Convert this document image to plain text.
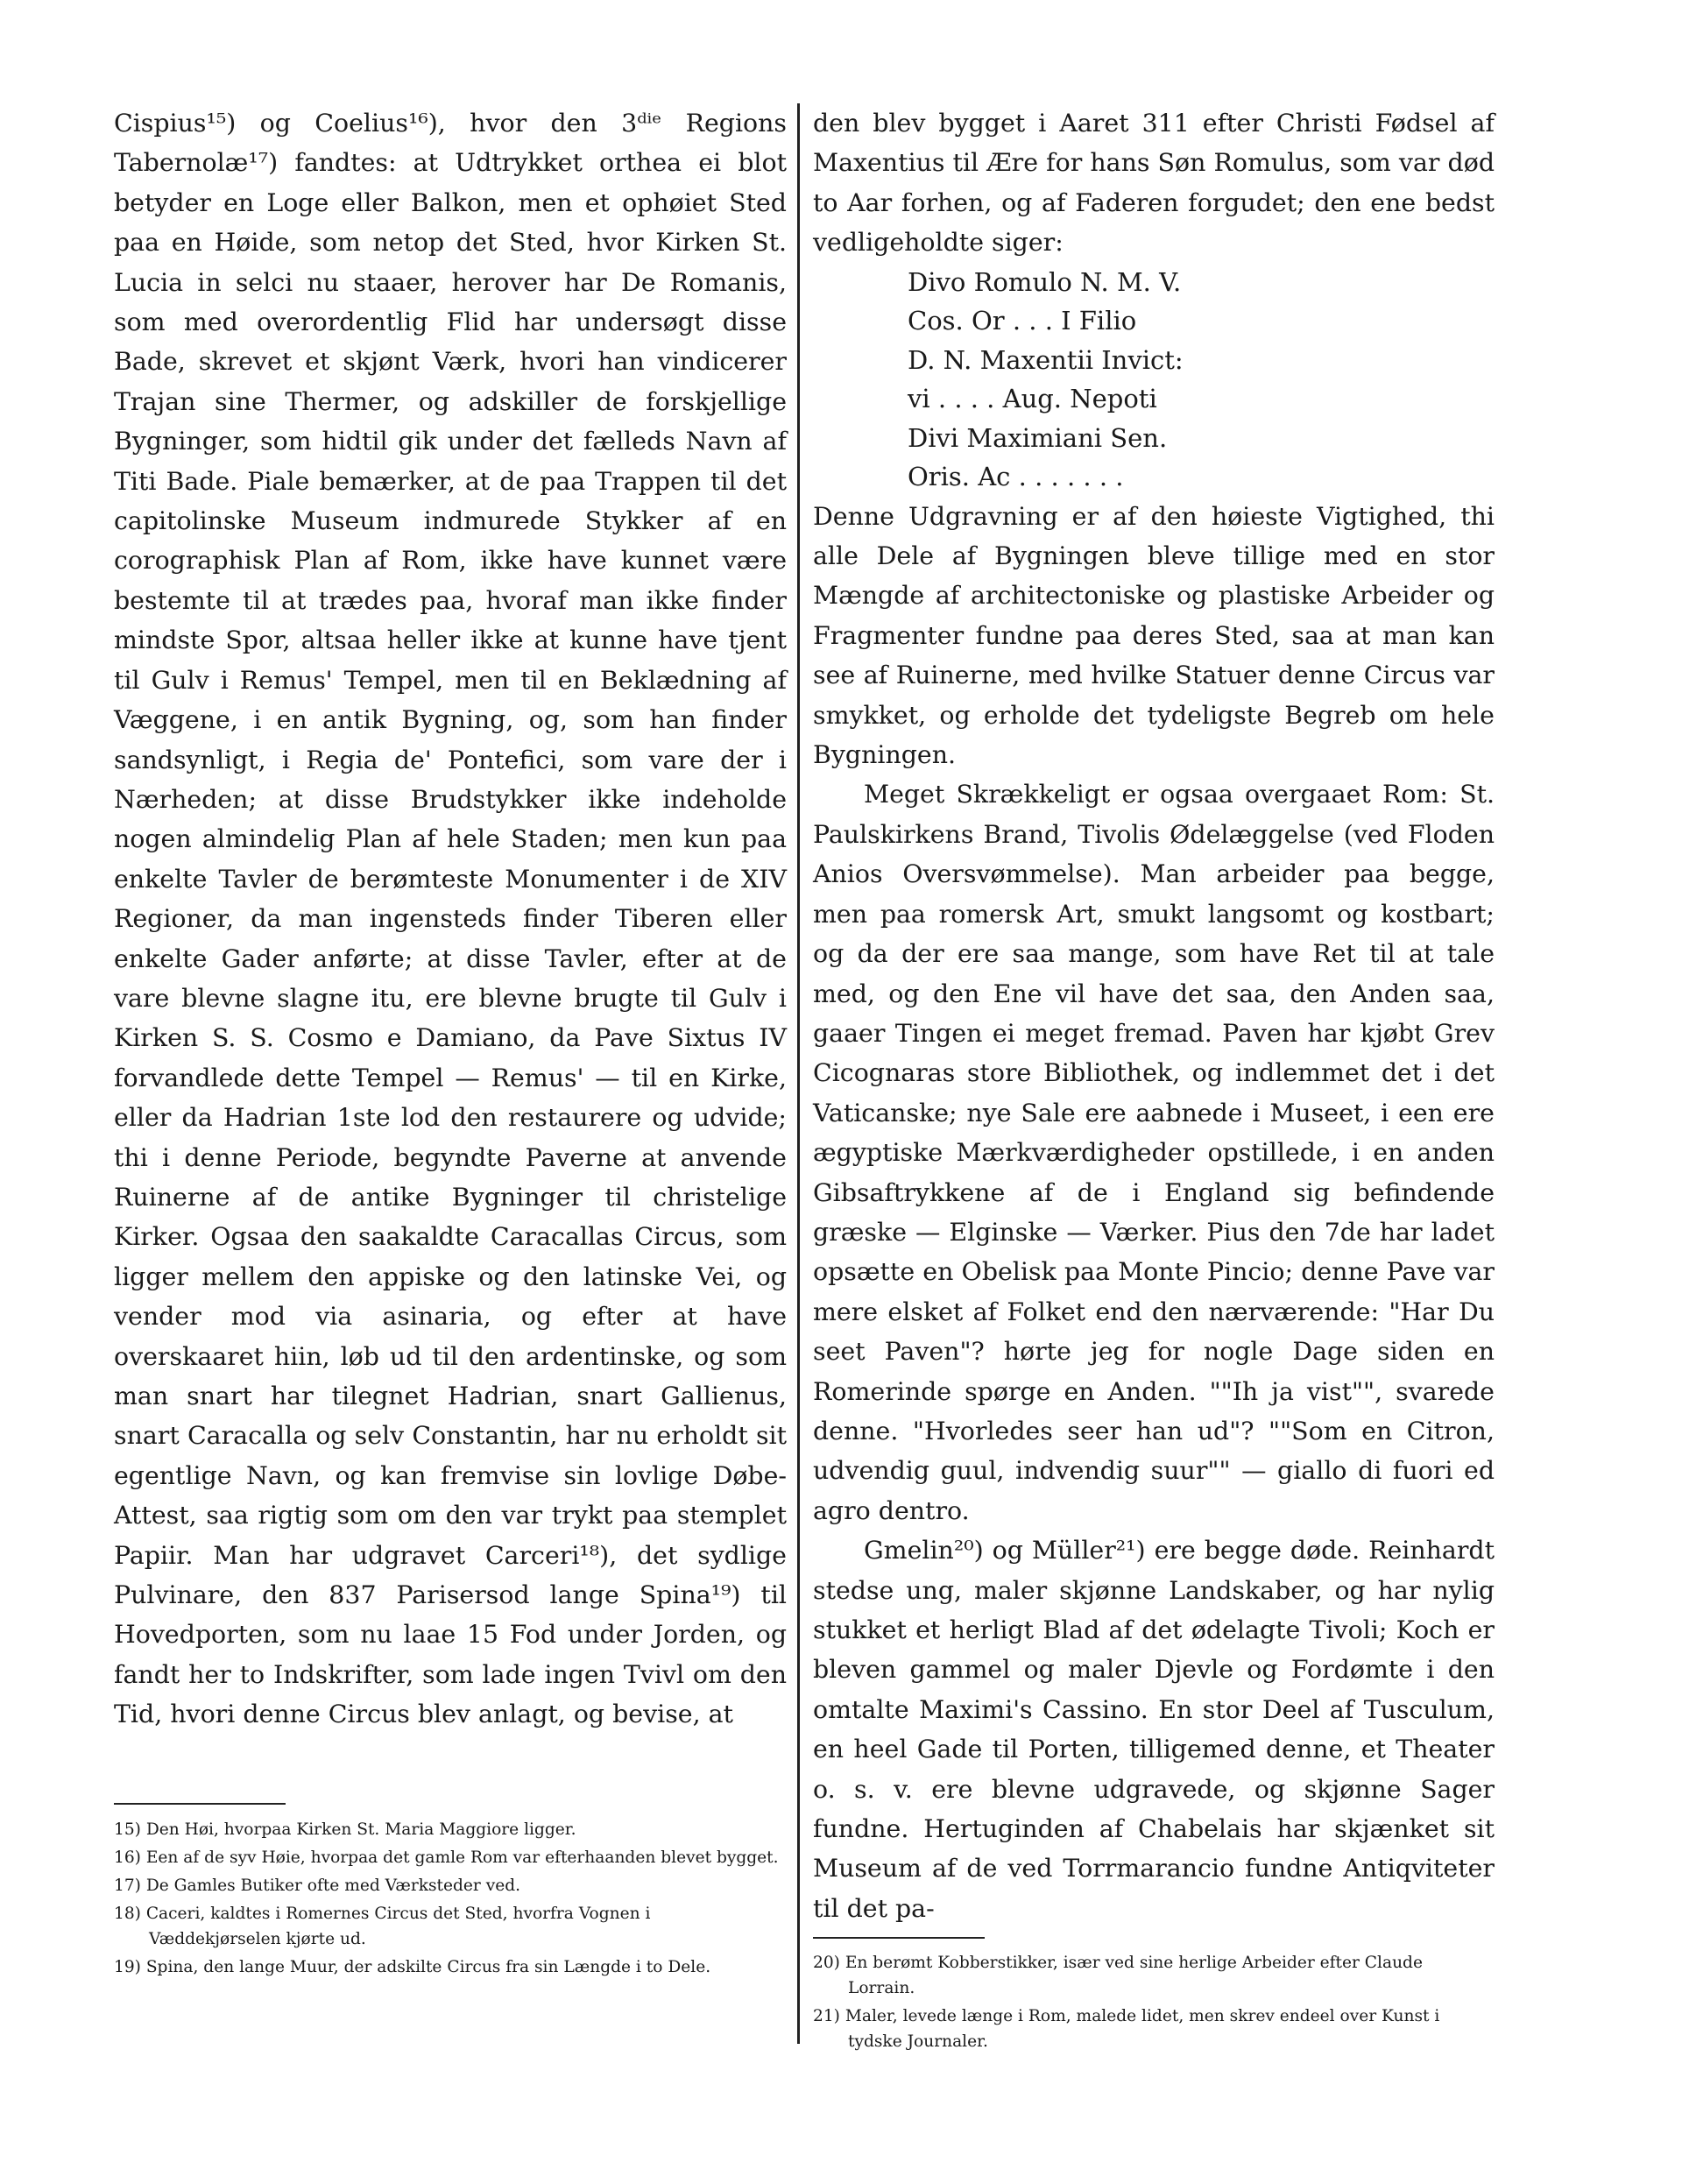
Cispius¹⁵) og Coelius¹⁶), hvor den 3ᵈⁱᵉ Regions Tabernolæ¹⁷) fandtes: at Udtrykket orthea ei blot betyder en Loge eller Balkon, men et ophøiet Sted paa en Høide, som netop det Sted, hvor Kirken St. Lucia in selci nu staaer, herover har De Romanis, som med overordentlig Flid har undersøgt disse Bade, skrevet et skjønt Værk, hvori han vindicerer Trajan sine Thermer, og adskiller de forskjellige Bygninger, som hidtil gik under det fælleds Navn af Titi Bade. Piale bemærker, at de paa Trappen til det capitolinske Museum indmurede Stykker af en corographisk Plan af Rom, ikke have kunnet være bestemte til at trædes paa, hvoraf man ikke finder mindste Spor, altsaa heller ikke at kunne have tjent til Gulv i Remus' Tempel, men til en Beklædning af Væggene, i en antik Bygning, og, som han finder sandsynligt, i Regia de' Pontefici, som vare der i Nærheden; at disse Brudstykker ikke indeholde nogen almindelig Plan af hele Staden; men kun paa enkelte Tavler de berømteste Monumenter i de XIV Regioner, da man ingensteds finder Tiberen eller enkelte Gader anførte; at disse Tavler, efter at de vare blevne slagne itu, ere blevne brugte til Gulv i Kirken S. S. Cosmo e Damiano, da Pave Sixtus IV forvandlede dette Tempel — Remus' — til en Kirke, eller da Hadrian 1ste lod den restaurere og udvide; thi i denne Periode, begyndte Paverne at anvende Ruinerne af de antike Bygninger til christelige Kirker. Ogsaa den saakaldte Caracallas Circus, som ligger mellem den appiske og den latinske Vei, og vender mod via asinaria, og efter at have overskaaret hiin, løb ud til den ardentinske, og som man snart har tilegnet Hadrian, snart Gallienus, snart Caracalla og selv Constantin, har nu erholdt sit egentlige Navn, og kan fremvise sin lovlige Døbe-Attest, saa rigtig som om den var trykt paa stemplet Papiir. Man har udgravet Carceri¹⁸), det sydlige Pulvinare, den 837 Parisersod lange Spina¹⁹) til Hovedporten, som nu laae 15 Fod under Jorden, og fandt her to Indskrifter, som lade ingen Tvivl om den Tid, hvori denne Circus blev anlagt, og bevise, at

den blev bygget i Aaret 311 efter Christi Fødsel af Maxentius til Ære for hans Søn Romulus, som var død to Aar forhen, og af Faderen forgudet; den ene bedst vedligeholdte siger:

Divo Romulo N. M. V.
Cos. Or . . . I Filio
D. N. Maxentii Invict:
vi . . . . Aug. Nepoti
Divi Maximiani Sen.
Oris. Ac . . . . . . .

Denne Udgravning er af den høieste Vigtighed, thi alle Dele af Bygningen bleve tillige med en stor Mængde af architectoniske og plastiske Arbeider og Fragmenter fundne paa deres Sted, saa at man kan see af Ruinerne, med hvilke Statuer denne Circus var smykket, og erholde det tydeligste Begreb om hele Bygningen.

Meget Skrækkeligt er ogsaa overgaaet Rom: St. Paulskirkens Brand, Tivolis Ødelæggelse (ved Floden Anios Oversvømmelse). Man arbeider paa begge, men paa romersk Art, smukt langsomt og kostbart; og da der ere saa mange, som have Ret til at tale med, og den Ene vil have det saa, den Anden saa, gaaer Tingen ei meget fremad. Paven har kjøbt Grev Cicognaras store Bibliothek, og indlemmet det i det Vaticanske; nye Sale ere aabnede i Museet, i een ere ægyptiske Mærkværdigheder opstillede, i en anden Gibsaftrykkene af de i England sig befindende græske — Elginske — Værker. Pius den 7de har ladet opsætte en Obelisk paa Monte Pincio; denne Pave var mere elsket af Folket end den nærværende: "Har Du seet Paven"? hørte jeg for nogle Dage siden en Romerinde spørge en Anden. ""Ih ja vist"", svarede denne. "Hvorledes seer han ud"? ""Som en Citron, udvendig guul, indvendig suur"" — giallo di fuori ed agro dentro.

Gmelin²⁰) og Müller²¹) ere begge døde. Reinhardt stedse ung, maler skjønne Landskaber, og har nylig stukket et herligt Blad af det ødelagte Tivoli; Koch er bleven gammel og maler Djevle og Fordømte i den omtalte Maximi's Cassino. En stor Deel af Tusculum, en heel Gade til Porten, tilligemed denne, et Theater o. s. v. ere blevne udgravede, og skjønne Sager fundne. Hertuginden af Chabelais har skjænket sit Museum af de ved Torrmarancio fundne Antiqviteter til det pa-

15) Den Høi, hvorpaa Kirken St. Maria Maggiore ligger.

16) Een af de syv Høie, hvorpaa det gamle Rom var efterhaanden blevet bygget.

17) De Gamles Butiker ofte med Værksteder ved.

18) Caceri, kaldtes i Romernes Circus det Sted, hvorfra Vognen i Væddekjørselen kjørte ud.

19) Spina, den lange Muur, der adskilte Circus fra sin Længde i to Dele.	20) En berømt Kobberstikker, især ved sine herlige Arbeider efter Claude Lorrain.

21) Maler, levede længe i Rom, malede lidet, men skrev endeel over Kunst i tydske Journaler.
